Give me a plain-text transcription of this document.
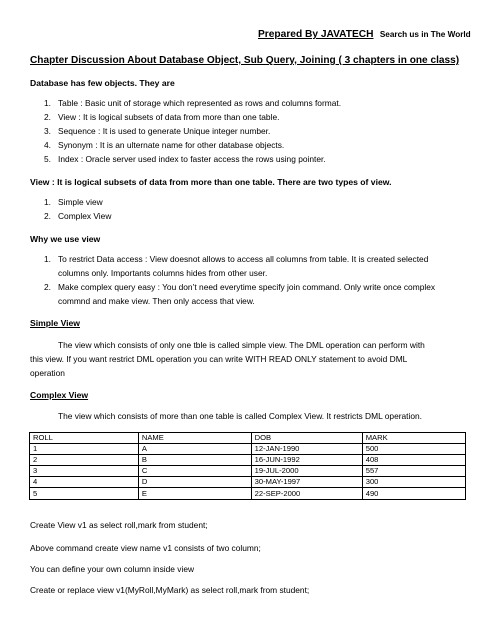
Prepared By JAVATECH Search us in The World
Chapter Discussion About Database Object, Sub Query, Joining ( 3 chapters in one class)
Database has few objects. They are
1. Table : Basic unit of storage which represented as rows and columns format.
2. View : It is logical subsets of data from more than one table.
3. Sequence : It is used to generate Unique integer number.
4. Synonym : It is an ulternate name for other database objects.
5. Index : Oracle server used index to faster access the rows using pointer.
View : It is logical subsets of data from more than one table. There are two types of view.
1. Simple view
2. Complex View
Why we use view
1. To restrict Data access : View doesnot allows to access all columns from table. It is created selected
columns only. Importants columns hides from other user.
2. Make complex query easy : You don’t need everytime specify join command. Only write once complex
commnd and make view. Then only access that view.
Simple View
The view which consists of only one tble is called simple view. The DML operation can perform with
this view. If you want restrict DML operation you can write WITH READ ONLY statement to avoid DML
operation
Complex View
The view which consists of more than one table is called Complex View. It restricts DML operation.
ROLL	NAME	DOB	MARK
1	A	12-JAN-1990	500
2	B	16-JUN-1992	408
3	C	19-JUL-2000	557
4	D	30-MAY-1997	300
5	E	22-SEP-2000	490
Create View v1 as select roll,mark from student;
Above command create view name v1 consists of two column;
You can define your own column inside view
Create or replace view v1(MyRoll,MyMark) as select roll,mark from student;
